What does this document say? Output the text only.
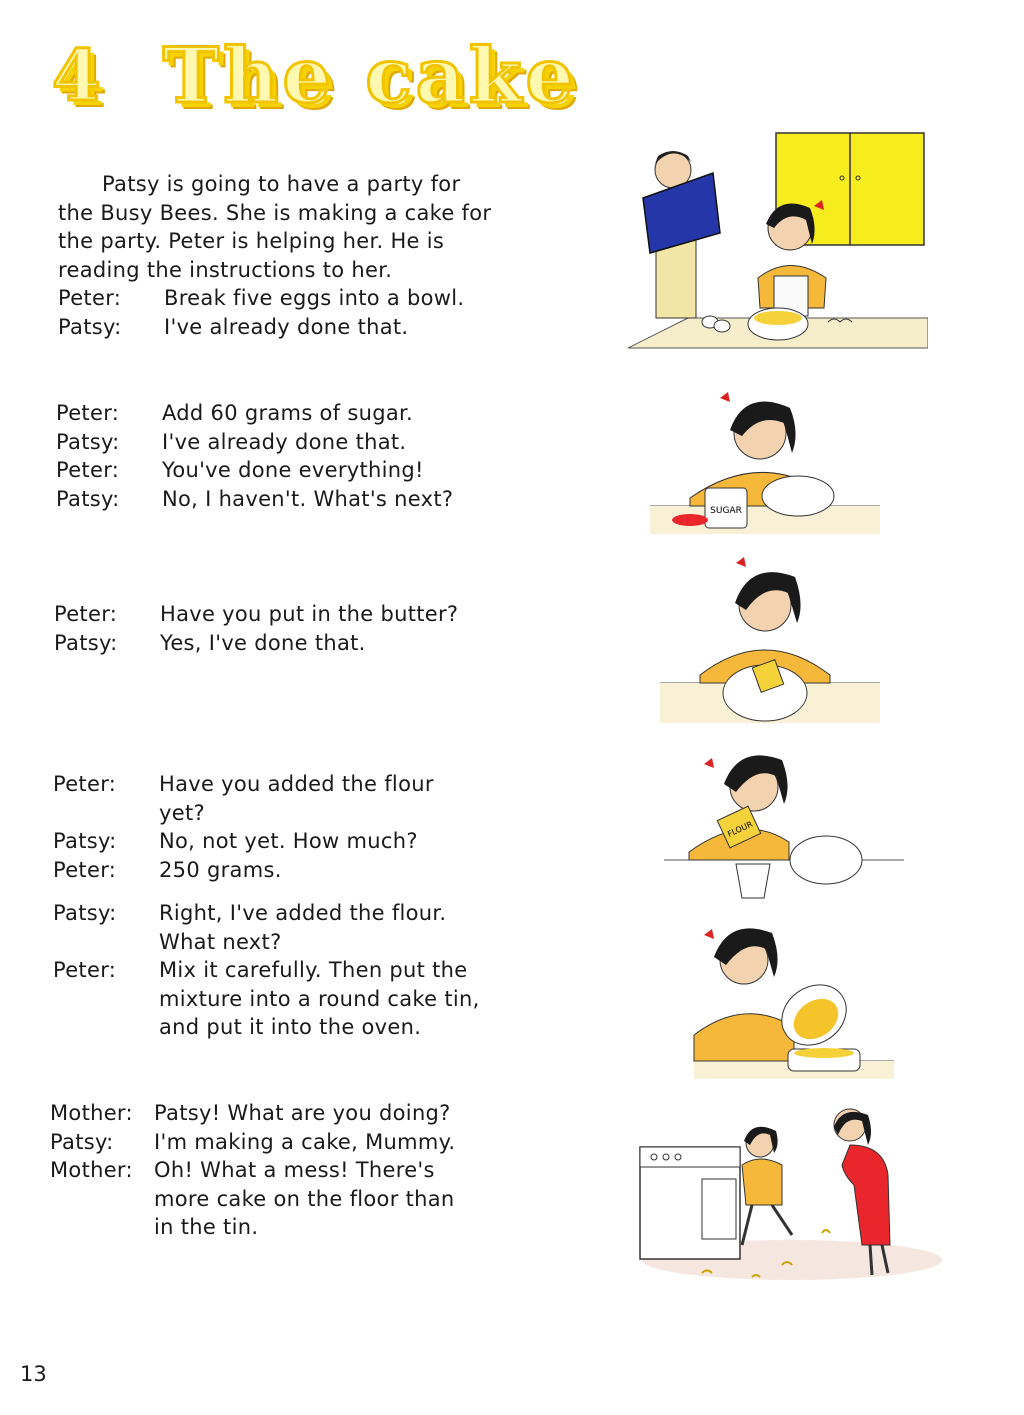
4 The cake

Patsy is going to have a party for the Busy Bees. She is making a cake for the party. Peter is helping her. He is reading the instructions to her.

Peter:	Break five eggs into a bowl.
Patsy:	I've already done that.
Peter:	Add 60 grams of sugar.
Patsy:	I've already done that.
Peter:	You've done everything!
Patsy:	No, I haven't. What's next?
Peter:	Have you put in the butter?
Patsy:	Yes, I've done that.
Peter:	Have you added the flour yet?
Patsy:	No, not yet. How much?
Peter:	250 grams.
Patsy:	Right, I've added the flour. What next?
Peter:	Mix it carefully. Then put the mixture into a round cake tin, and put it into the oven.
Mother:	Patsy! What are you doing?
Patsy:	I'm making a cake, Mummy.
Mother:	Oh! What a mess! There's more cake on the floor than in the tin.
SUGAR
FLOUR
13
